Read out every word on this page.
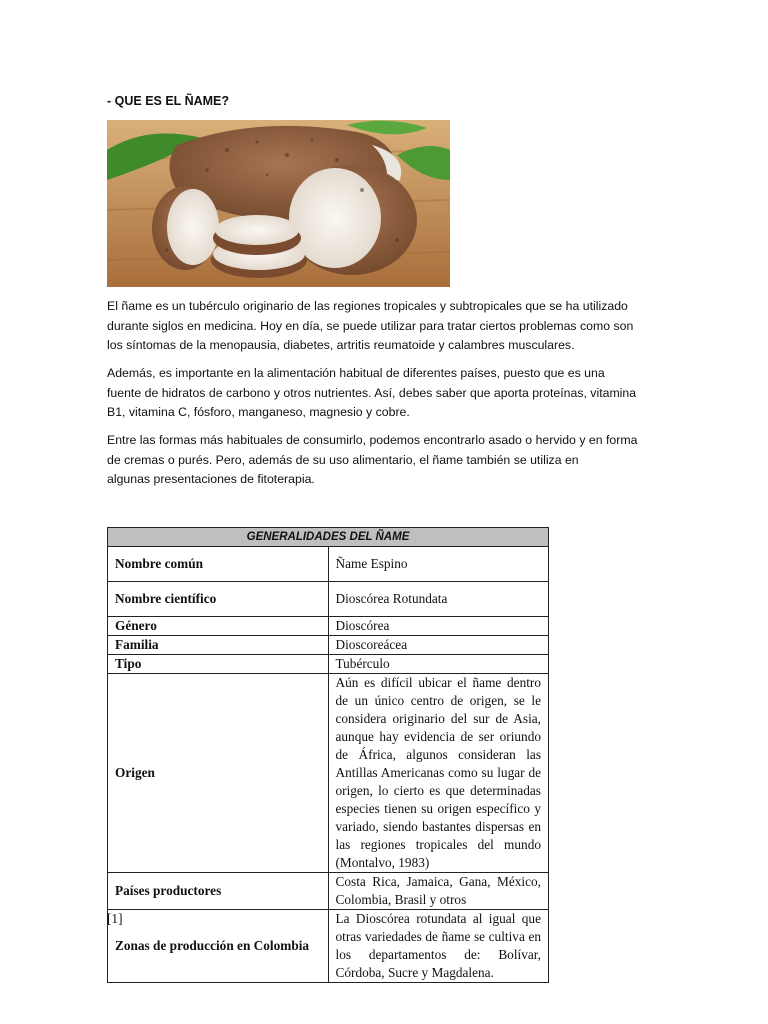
- QUE ES EL ÑAME?

El ñame es un tubérculo originario de las regiones tropicales y subtropicales que se ha utilizado
durante siglos en medicina. Hoy en día, se puede utilizar para tratar ciertos problemas como son
los síntomas de la menopausia, diabetes, artritis reumatoide y calambres musculares.

Además, es importante en la alimentación habitual de diferentes países, puesto que es una
fuente de hidratos de carbono y otros nutrientes. Así, debes saber que aporta proteínas, vitamina
B1, vitamina C, fósforo, manganeso, magnesio y cobre.

Entre las formas más habituales de consumirlo, podemos encontrarlo asado o hervido y en forma
de cremas o purés. Pero, además de su uso alimentario, el ñame también se utiliza en
algunas presentaciones de fitoterapia.

GENERALIDADES DEL ÑAME	
Nombre común	Ñame Espino
Nombre científico	Dioscórea Rotundata
Género	Dioscórea
Familia	Dioscoreácea
Tipo	Tubérculo
Origen	Aún es difícil ubicar el ñame dentro de un único centro de origen, se le considera originario del sur de Asia, aunque hay evidencia de ser oriundo de África, algunos consideran las Antillas Americanas como su lugar de origen, lo cierto es que determinadas especies tienen su origen específico y variado, siendo bastantes dispersas en las regiones tropicales del mundo (Montalvo, 1983)
Países productores	Costa Rica, Jamaica, Gana, México, Colombia, Brasil y otros
Zonas de producción en Colombia	La Dioscórea rotundata al igual que otras variedades de ñame se cultiva en los departamentos de: Bolívar, Córdoba, Sucre y Magdalena.
[1]
